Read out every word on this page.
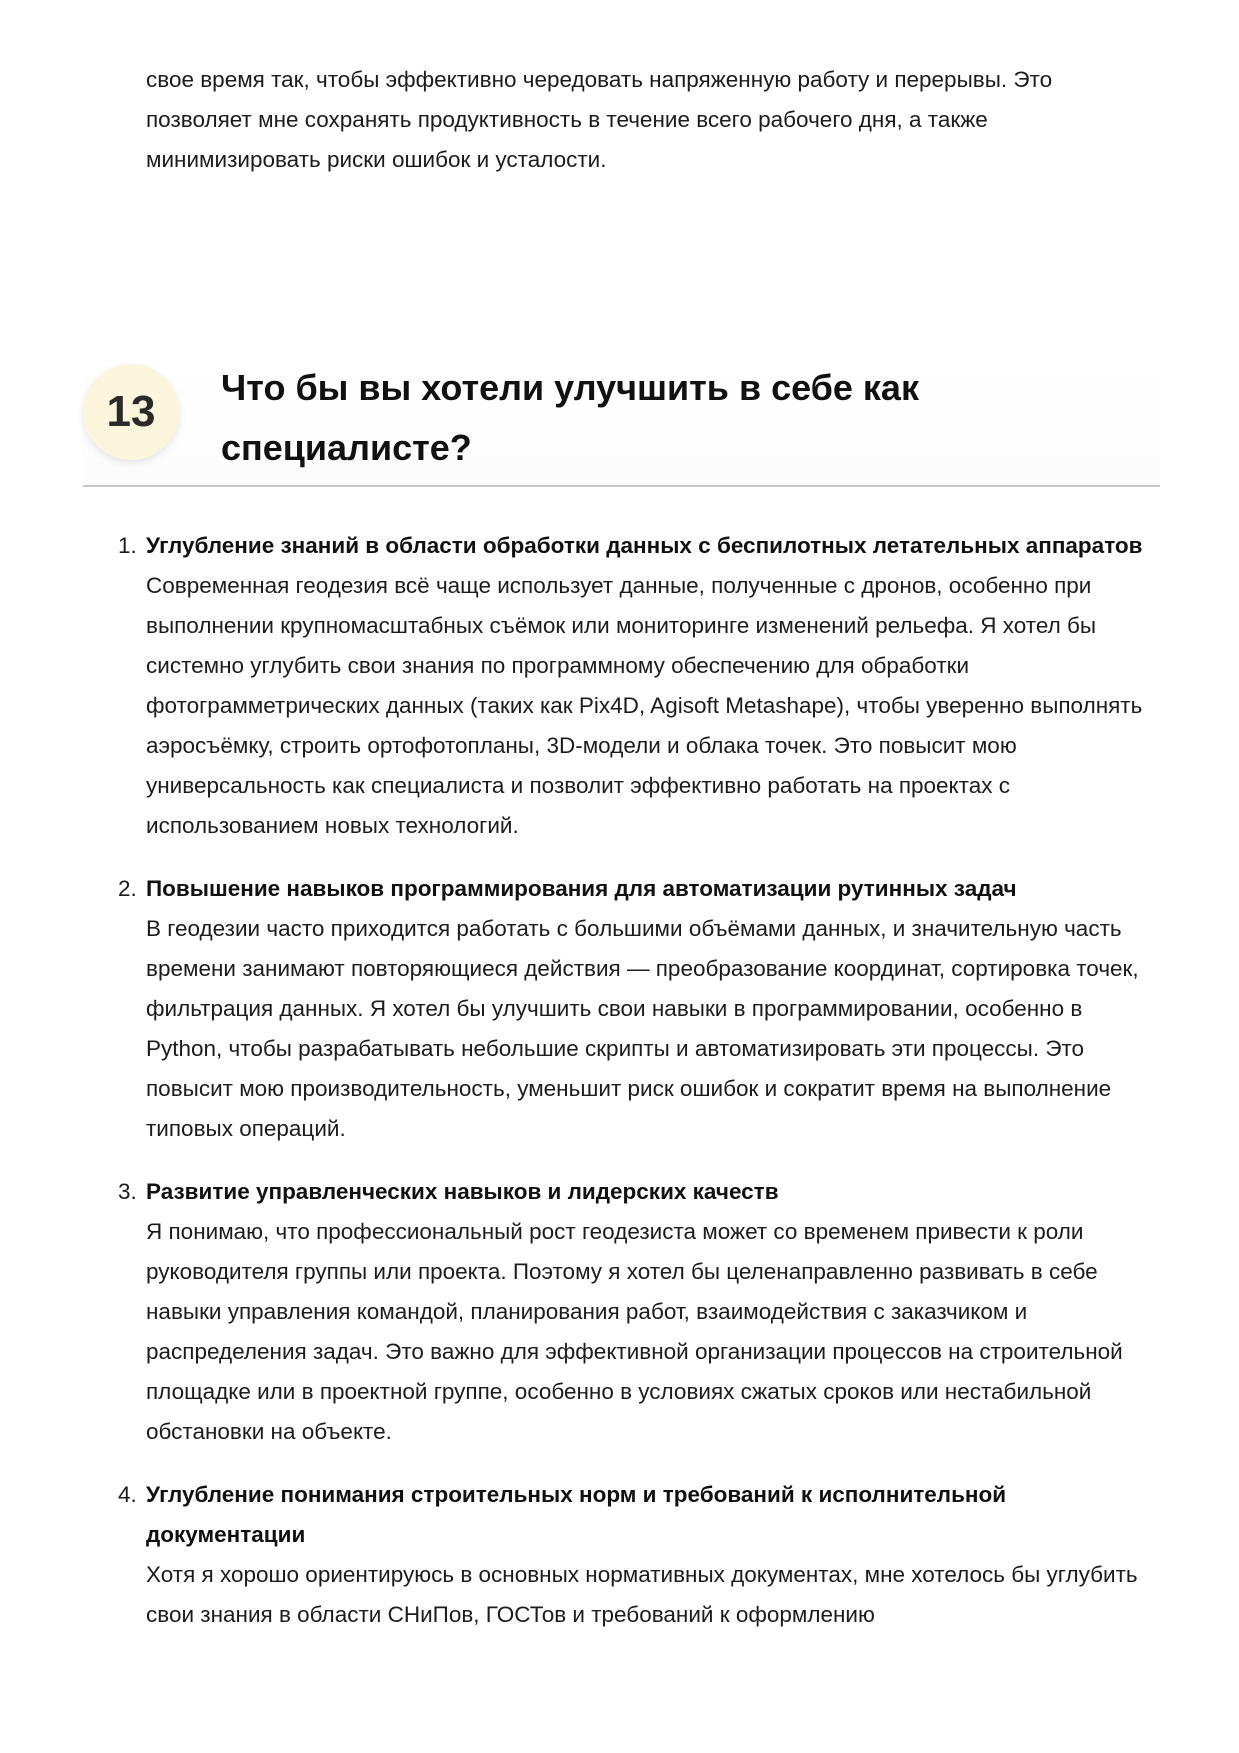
свое время так, чтобы эффективно чередовать напряженную работу и перерывы. Это позволяет мне сохранять продуктивность в течение всего рабочего дня, а также минимизировать риски ошибок и усталости.

13	Что бы вы хотели улучшить в себе как специалисте?
1. Углубление знаний в области обработки данных с беспилотных летательных аппаратов
Современная геодезия всё чаще использует данные, полученные с дронов, особенно при выполнении крупномасштабных съёмок или мониторинге изменений рельефа. Я хотел бы системно углубить свои знания по программному обеспечению для обработки фотограмметрических данных (таких как Pix4D, Agisoft Metashape), чтобы уверенно выполнять аэросъёмку, строить ортофотопланы, 3D-модели и облака точек. Это повысит мою универсальность как специалиста и позволит эффективно работать на проектах с использованием новых технологий.
2. Повышение навыков программирования для автоматизации рутинных задач
В геодезии часто приходится работать с большими объёмами данных, и значительную часть времени занимают повторяющиеся действия — преобразование координат, сортировка точек, фильтрация данных. Я хотел бы улучшить свои навыки в программировании, особенно в Python, чтобы разрабатывать небольшие скрипты и автоматизировать эти процессы. Это повысит мою производительность, уменьшит риск ошибок и сократит время на выполнение типовых операций.
3. Развитие управленческих навыков и лидерских качеств
Я понимаю, что профессиональный рост геодезиста может со временем привести к роли руководителя группы или проекта. Поэтому я хотел бы целенаправленно развивать в себе навыки управления командой, планирования работ, взаимодействия с заказчиком и распределения задач. Это важно для эффективной организации процессов на строительной площадке или в проектной группе, особенно в условиях сжатых сроков или нестабильной обстановки на объекте.
4. Углубление понимания строительных норм и требований к исполнительной документации
Хотя я хорошо ориентируюсь в основных нормативных документах, мне хотелось бы углубить свои знания в области СНиПов, ГОСТов и требований к оформлению
